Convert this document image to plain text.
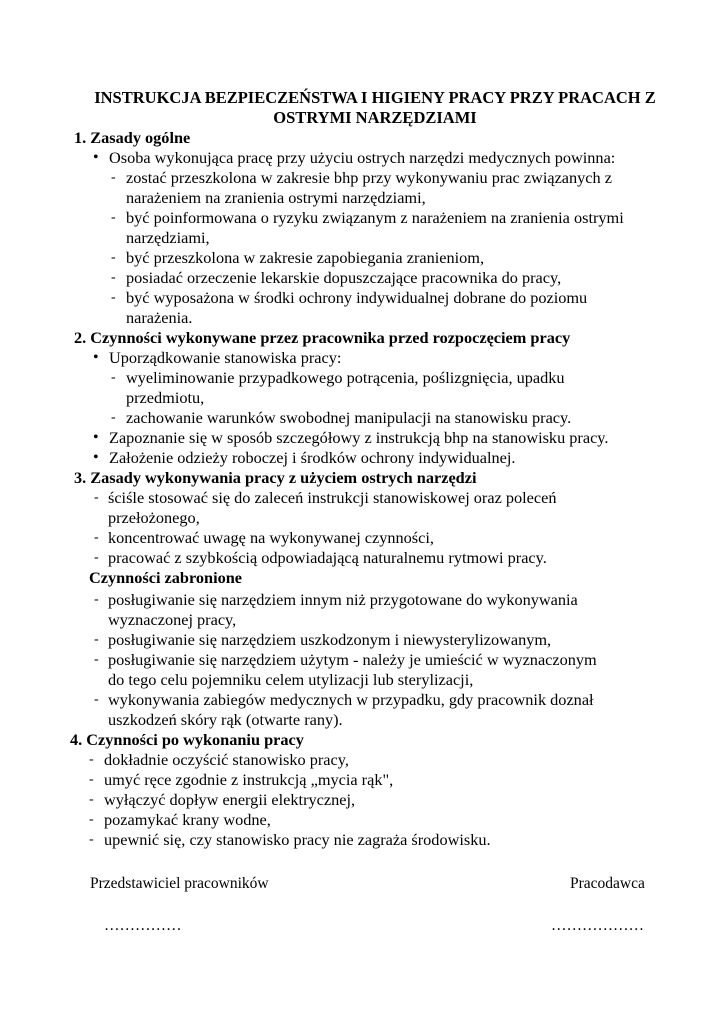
INSTRUKCJA BEZPIECZEŃSTWA I HIGIENY PRACY PRZY PRACACH Z
OSTRYMI NARZĘDZIAMI
1. Zasady ogólne
• Osoba wykonująca pracę przy użyciu ostrych narzędzi medycznych powinna:
- zostać przeszkolona w zakresie bhp przy wykonywaniu prac związanych z
narażeniem na zranienia ostrymi narzędziami,
- być poinformowana o ryzyku związanym z narażeniem na zranienia ostrymi
narzędziami,
- być przeszkolona w zakresie zapobiegania zranieniom,
- posiadać orzeczenie lekarskie dopuszczające pracownika do pracy,
- być wyposażona w środki ochrony indywidualnej dobrane do poziomu
narażenia.
2. Czynności wykonywane przez pracownika przed rozpoczęciem pracy
• Uporządkowanie stanowiska pracy:
- wyeliminowanie przypadkowego potrącenia, poślizgnięcia, upadku
przedmiotu,
- zachowanie warunków swobodnej manipulacji na stanowisku pracy.
• Zapoznanie się w sposób szczegółowy z instrukcją bhp na stanowisku pracy.
• Założenie odzieży roboczej i środków ochrony indywidualnej.
3. Zasady wykonywania pracy z użyciem ostrych narzędzi
- ściśle stosować się do zaleceń instrukcji stanowiskowej oraz poleceń
przełożonego,
- koncentrować uwagę na wykonywanej czynności,
- pracować z szybkością odpowiadającą naturalnemu rytmowi pracy.
Czynności zabronione
- posługiwanie się narzędziem innym niż przygotowane do wykonywania
wyznaczonej pracy,
- posługiwanie się narzędziem uszkodzonym i niewysterylizowanym,
- posługiwanie się narzędziem użytym - należy je umieścić w wyznaczonym
do tego celu pojemniku celem utylizacji lub sterylizacji,
- wykonywania zabiegów medycznych w przypadku, gdy pracownik doznał
uszkodzeń skóry rąk (otwarte rany).
4. Czynności po wykonaniu pracy
- dokładnie oczyścić stanowisko pracy,
- umyć ręce zgodnie z instrukcją „mycia rąk",
- wyłączyć dopływ energii elektrycznej,
- pozamykać krany wodne,
- upewnić się, czy stanowisko pracy nie zagraża środowisku.
Przedstawiciel pracowników	Pracodawca
……………	………………
